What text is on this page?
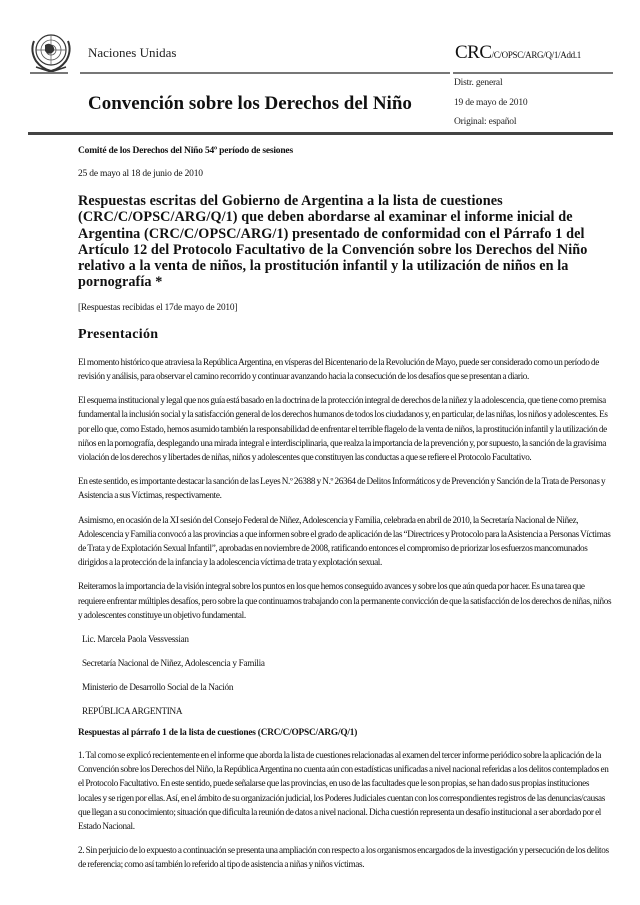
Naciones Unidas	CRC/C/OPSC/ARG/Q/1/Add.1
Convención sobre los Derechos del Niño
Distr. general
19 de mayo de 2010
Original: español
Comité de los Derechos del Niño 54º período de sesiones
25 de mayo al 18 de junio de 2010
Respuestas escritas del Gobierno de Argentina a la lista de cuestiones (CRC/C/OPSC/ARG/Q/1) que deben abordarse al examinar el informe inicial de Argentina (CRC/C/OPSC/ARG/1) presentado de conformidad con el Párrafo 1 del Artículo 12 del Protocolo Facultativo de la Convención sobre los Derechos del Niño relativo a la venta de niños, la prostitución infantil y la utilización de niños en la pornografía *
[Respuestas recibidas el 17de mayo de 2010]
Presentación

El momento histórico que atraviesa la República Argentina, en vísperas del Bicentenario de la Revolución de Mayo, puede ser considerado como un período de revisión y análisis, para observar el camino recorrido y continuar avanzando hacia la consecución de los desafíos que se presentan a diario.

El esquema institucional y legal que nos guía está basado en la doctrina de la protección integral de derechos de la niñez y la adolescencia, que tiene como premisa fundamental la inclusión social y la satisfacción general de los derechos humanos de todos los ciudadanos y, en particular, de las niñas, los niños y adolescentes. Es por ello que, como Estado, hemos asumido también la responsabilidad de enfrentar el terrible flagelo de la venta de niños, la prostitución infantil y la utilización de niños en la pornografía, desplegando una mirada integral e interdisciplinaria, que realza la importancia de la prevención y, por supuesto, la sanción de la gravísima violación de los derechos y libertades de niñas, niños y adolescentes que constituyen las conductas a que se refiere el Protocolo Facultativo.

En este sentido, es importante destacar la sanción de las Leyes N.º 26388 y N.º 26364 de Delitos Informáticos y de Prevención y Sanción de la Trata de Personas y Asistencia a sus Víctimas, respectivamente.

Asimismo, en ocasión de la XI sesión del Consejo Federal de Niñez, Adolescencia y Familia, celebrada en abril de 2010, la Secretaría Nacional de Niñez, Adolescencia y Familia convocó a las provincias a que informen sobre el grado de aplicación de las “Directrices y Protocolo para la Asistencia a Personas Víctimas de Trata y de Explotación Sexual Infantil”, aprobadas en noviembre de 2008, ratificando entonces el compromiso de priorizar los esfuerzos mancomunados dirigidos a la protección de la infancia y la adolescencia víctima de trata y explotación sexual.

Reiteramos la importancia de la visión integral sobre los puntos en los que hemos conseguido avances y sobre los que aún queda por hacer. Es una tarea que requiere enfrentar múltiples desafíos, pero sobre la que continuamos trabajando con la permanente convicción de que la satisfacción de los derechos de niñas, niños y adolescentes constituye un objetivo fundamental.

Lic. Marcela Paola Vessvessian
Secretaría Nacional de Niñez, Adolescencia y Familia
Ministerio de Desarrollo Social de la Nación
REPÚBLICA ARGENTINA
Respuestas al párrafo 1 de la lista de cuestiones (CRC/C/OPSC/ARG/Q/1)

1. Tal como se explicó recientemente en el informe que aborda la lista de cuestiones relacionadas al examen del tercer informe periódico sobre la aplicación de la Convención sobre los Derechos del Niño, la República Argentina no cuenta aún con estadísticas unificadas a nivel nacional referidas a los delitos contemplados en el Protocolo Facultativo. En este sentido, puede señalarse que las provincias, en uso de las facultades que le son propias, se han dado sus propias instituciones locales y se rigen por ellas. Así, en el ámbito de su organización judicial, los Poderes Judiciales cuentan con los correspondientes registros de las denuncias/causas que llegan a su conocimiento; situación que dificulta la reunión de datos a nivel nacional. Dicha cuestión representa un desafío institucional a ser abordado por el Estado Nacional.

2. Sin perjuicio de lo expuesto a continuación se presenta una ampliación con respecto a los organismos encargados de la investigación y persecución de los delitos de referencia; como así también lo referido al tipo de asistencia a niñas y niños víctimas.
